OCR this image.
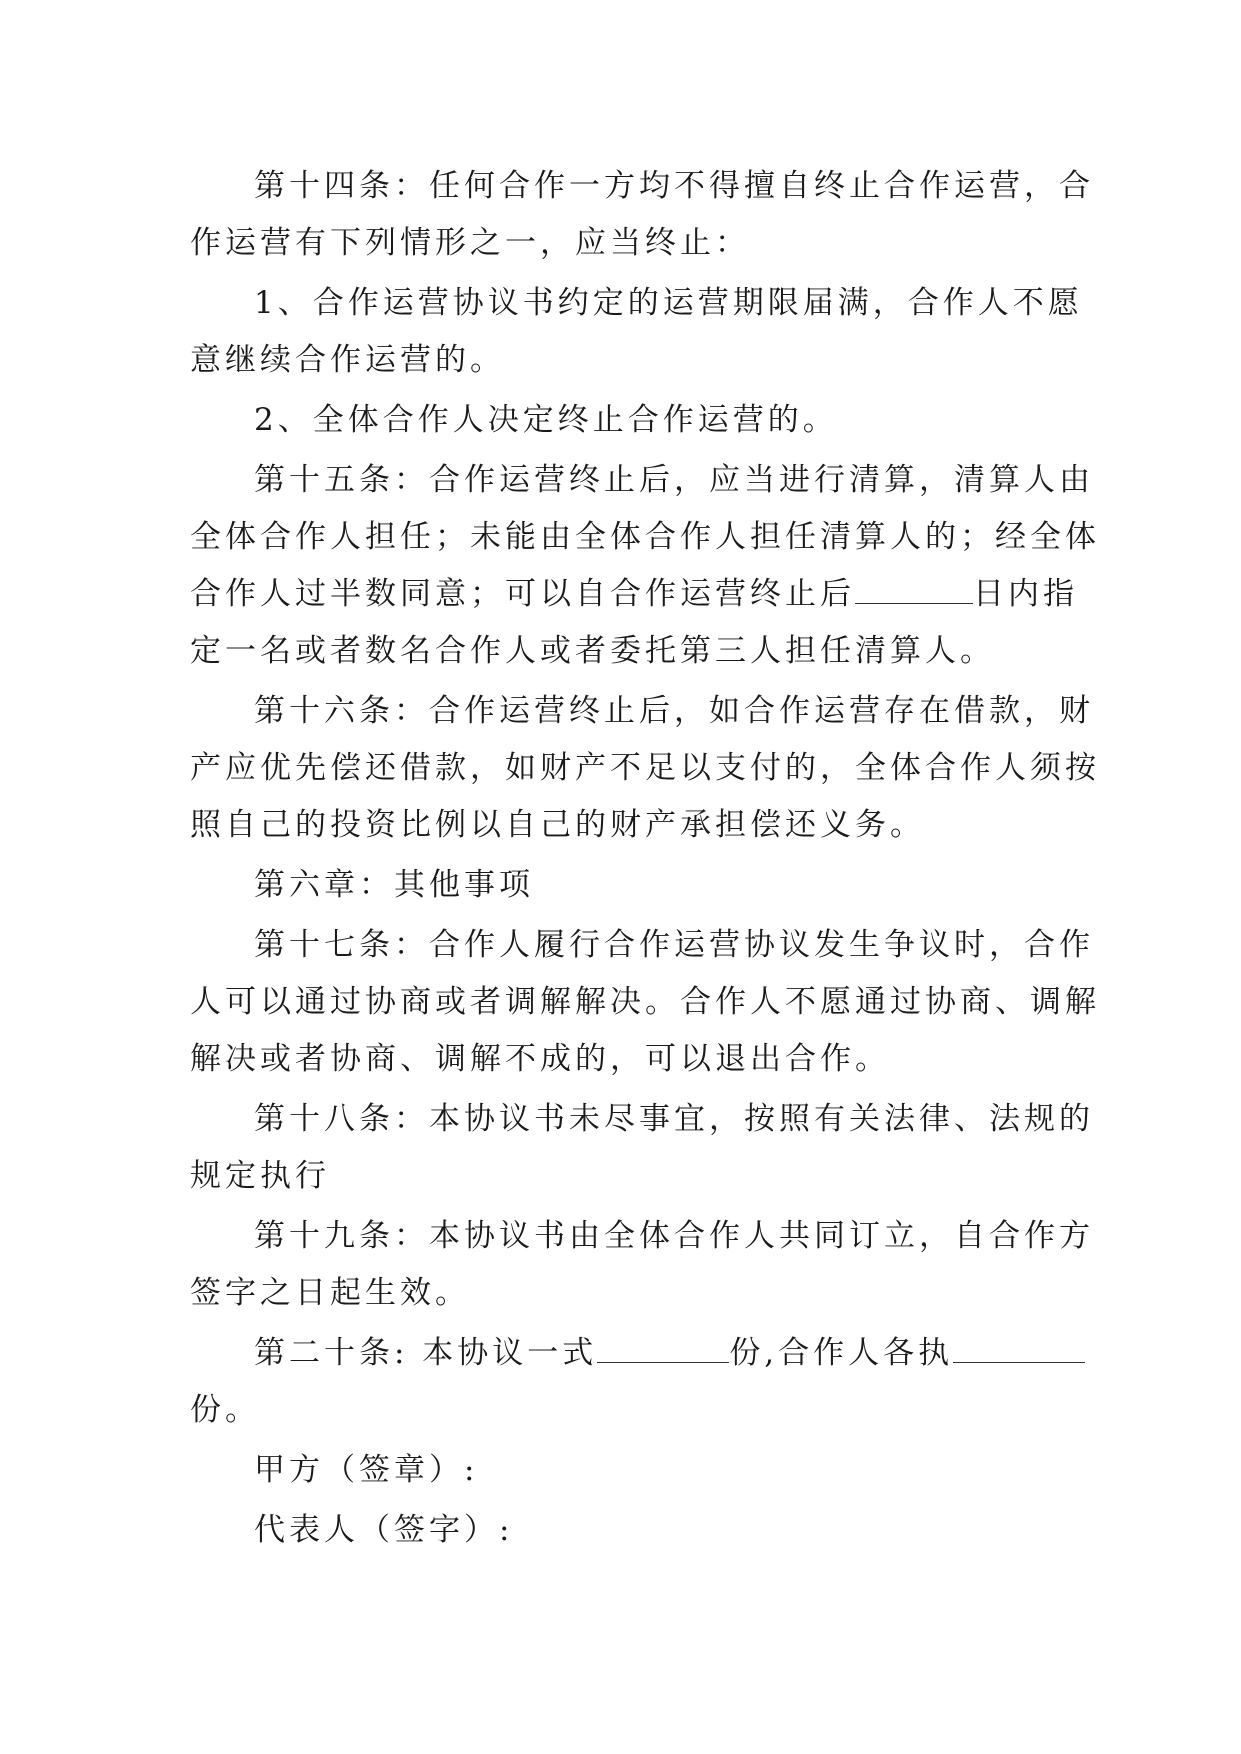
第十四条：任何合作一方均不得擅自终止合作运营，合
作运营有下列情形之一，应当终止：

1、合作运营协议书约定的运营期限届满，合作人不愿
意继续合作运营的。

2、全体合作人决定终止合作运营的。

第十五条：合作运营终止后，应当进行清算，清算人由
全体合作人担任；未能由全体合作人担任清算人的；经全体
合作人过半数同意；可以自合作运营终止后	日内指
定一名或者数名合作人或者委托第三人担任清算人。

第十六条：合作运营终止后，如合作运营存在借款，财
产应优先偿还借款，如财产不足以支付的，全体合作人须按
照自己的投资比例以自己的财产承担偿还义务。

第六章：其他事项

第十七条：合作人履行合作运营协议发生争议时，合作
人可以通过协商或者调解解决。合作人不愿通过协商、调解
解决或者协商、调解不成的，可以退出合作。

第十八条：本协议书未尽事宜，按照有关法律、法规的
规定执行

第十九条：本协议书由全体合作人共同订立，自合作方
签字之日起生效。

第二十条: 本协议一式	份,合作人各执
份。

甲方（签章）:

代表人（签字）:
